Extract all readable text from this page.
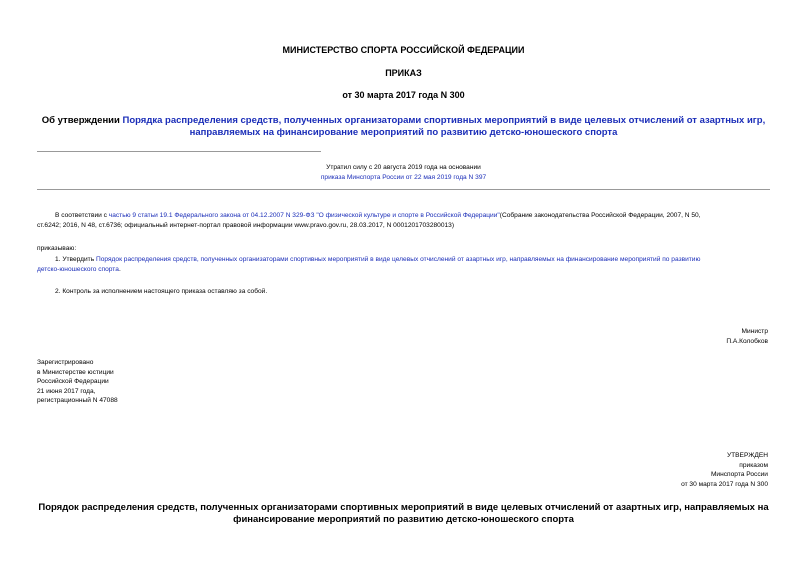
МИНИСТЕРСТВО СПОРТА РОССИЙСКОЙ ФЕДЕРАЦИИ
ПРИКАЗ
от 30 марта 2017 года N 300
Об утверждении Порядка распределения средств, полученных организаторами спортивных мероприятий в виде целевых отчислений от азартных игр,
направляемых на финансирование мероприятий по развитию детско-юношеского спорта
Утратил силу с 20 августа 2019 года на основании
приказа Минспорта России от 22 мая 2019 года N 397
В соответствии с частью 9 статьи 19.1 Федерального закона от 04.12.2007 N 329-ФЗ "О физической культуре и спорте в Российской Федерации"(Собрание законодательства Российской Федерации, 2007, N 50,
ст.6242; 2016, N 48, ст.6736; официальный интернет-портал правовой информации www.pravo.gov.ru, 28.03.2017, N 0001201703280013)
приказываю:
1. Утвердить Порядок распределения средств, полученных организаторами спортивных мероприятий в виде целевых отчислений от азартных игр, направляемых на финансирование мероприятий по развитию
детско-юношеского спорта.
2. Контроль за исполнением настоящего приказа оставляю за собой.
Министр
П.А.Колобков
Зарегистрировано
в Министерстве юстиции
Российской Федерации
21 июня 2017 года,
регистрационный N 47088
УТВЕРЖДЕН
приказом
Минспорта России
от 30 марта 2017 года N 300
Порядок распределения средств, полученных организаторами спортивных мероприятий в виде целевых отчислений от азартных игр, направляемых на
финансирование мероприятий по развитию детско-юношеского спорта
